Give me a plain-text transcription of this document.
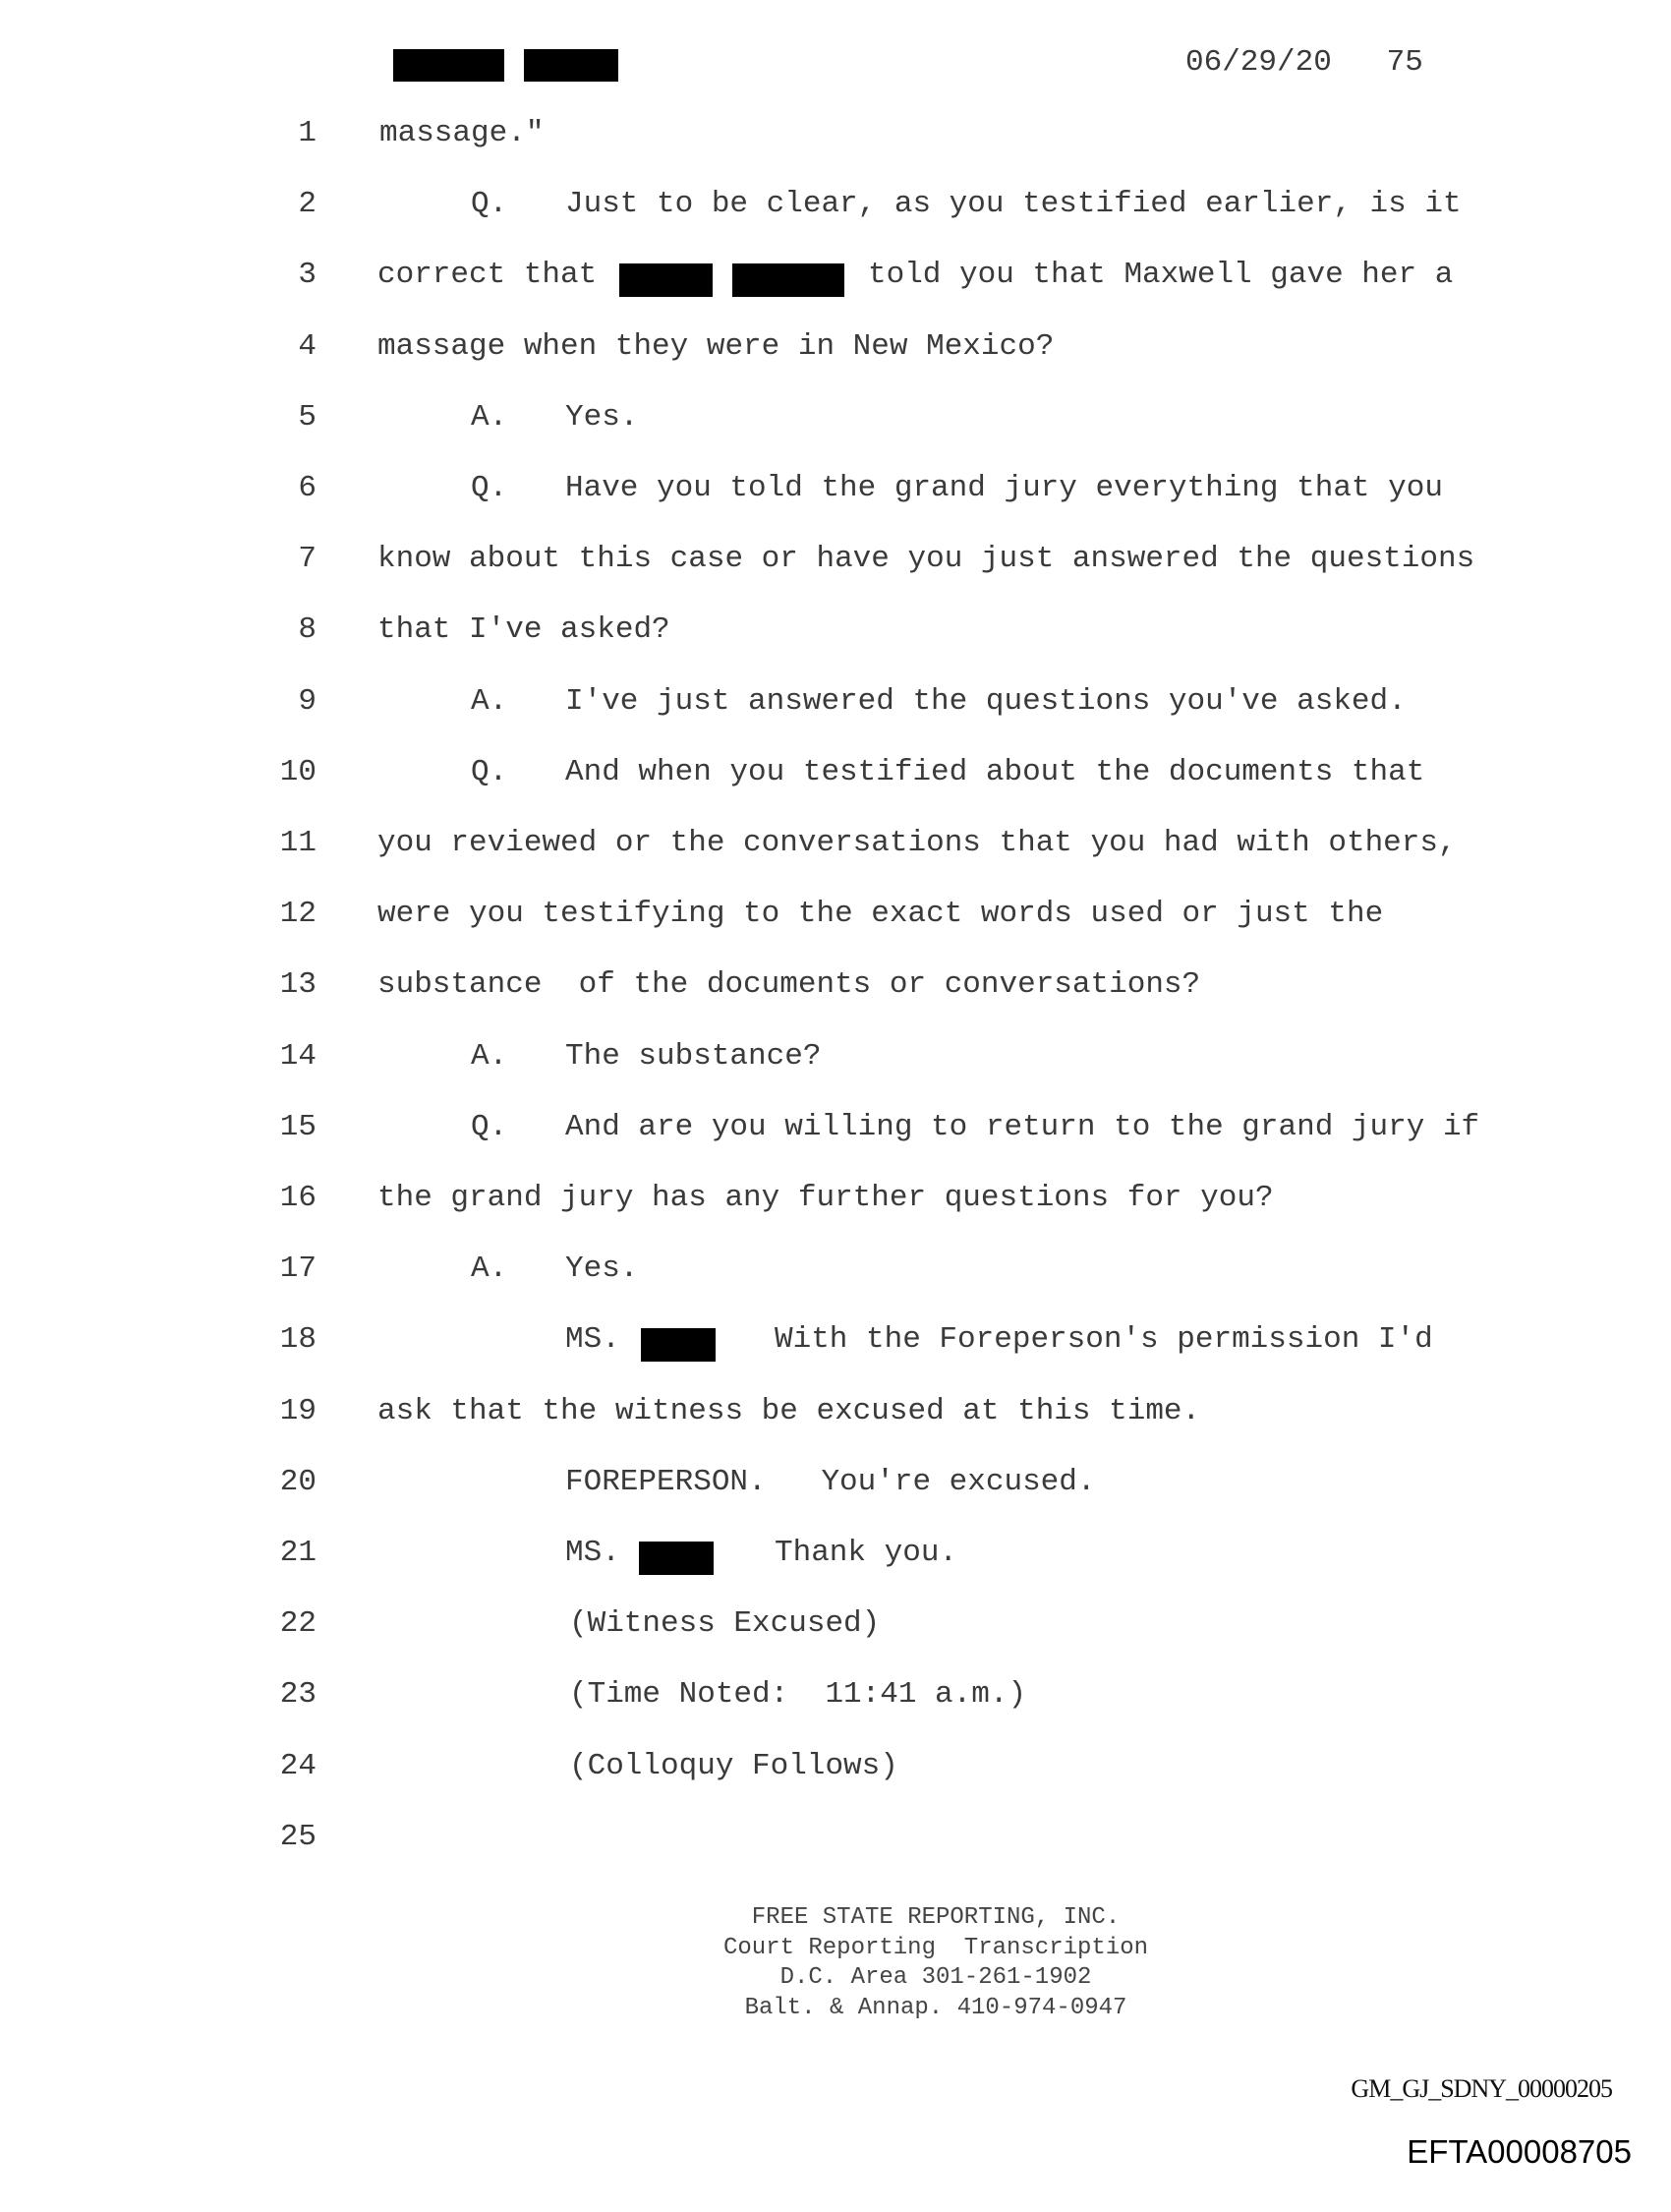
06/29/20 75
1 massage."
2	Q. Just to be clear, as you testified earlier, is it
3 correct that	told you that Maxwell gave her a
4 massage when they were in New Mexico?
5	A. Yes.
6	Q. Have you told the grand jury everything that you
7 know about this case or have you just answered the questions
8 that I've asked?
9	A. I've just answered the questions you've asked.
10	Q. And when you testified about the documents that
11 you reviewed or the conversations that you had with others,
12 were you testifying to the exact words used or just the
13 substance  of the documents or conversations?
14	A. The substance?
15	Q. And are you willing to return to the grand jury if
16 the grand jury has any further questions for you?
17	A. Yes.
18	MS.	With the Foreperson's permission I'd
19 ask that the witness be excused at this time.
20	FOREPERSON.   You're excused.
21	MS.	Thank you.
22	(Witness Excused)
23	(Time Noted:  11:41 a.m.)
24	(Colloquy Follows)
25
FREE STATE REPORTING, INC.
Court Reporting  Transcription
D.C. Area 301-261-1902
Balt. & Annap. 410-974-0947
GM_GJ_SDNY_00000205
EFTA00008705
